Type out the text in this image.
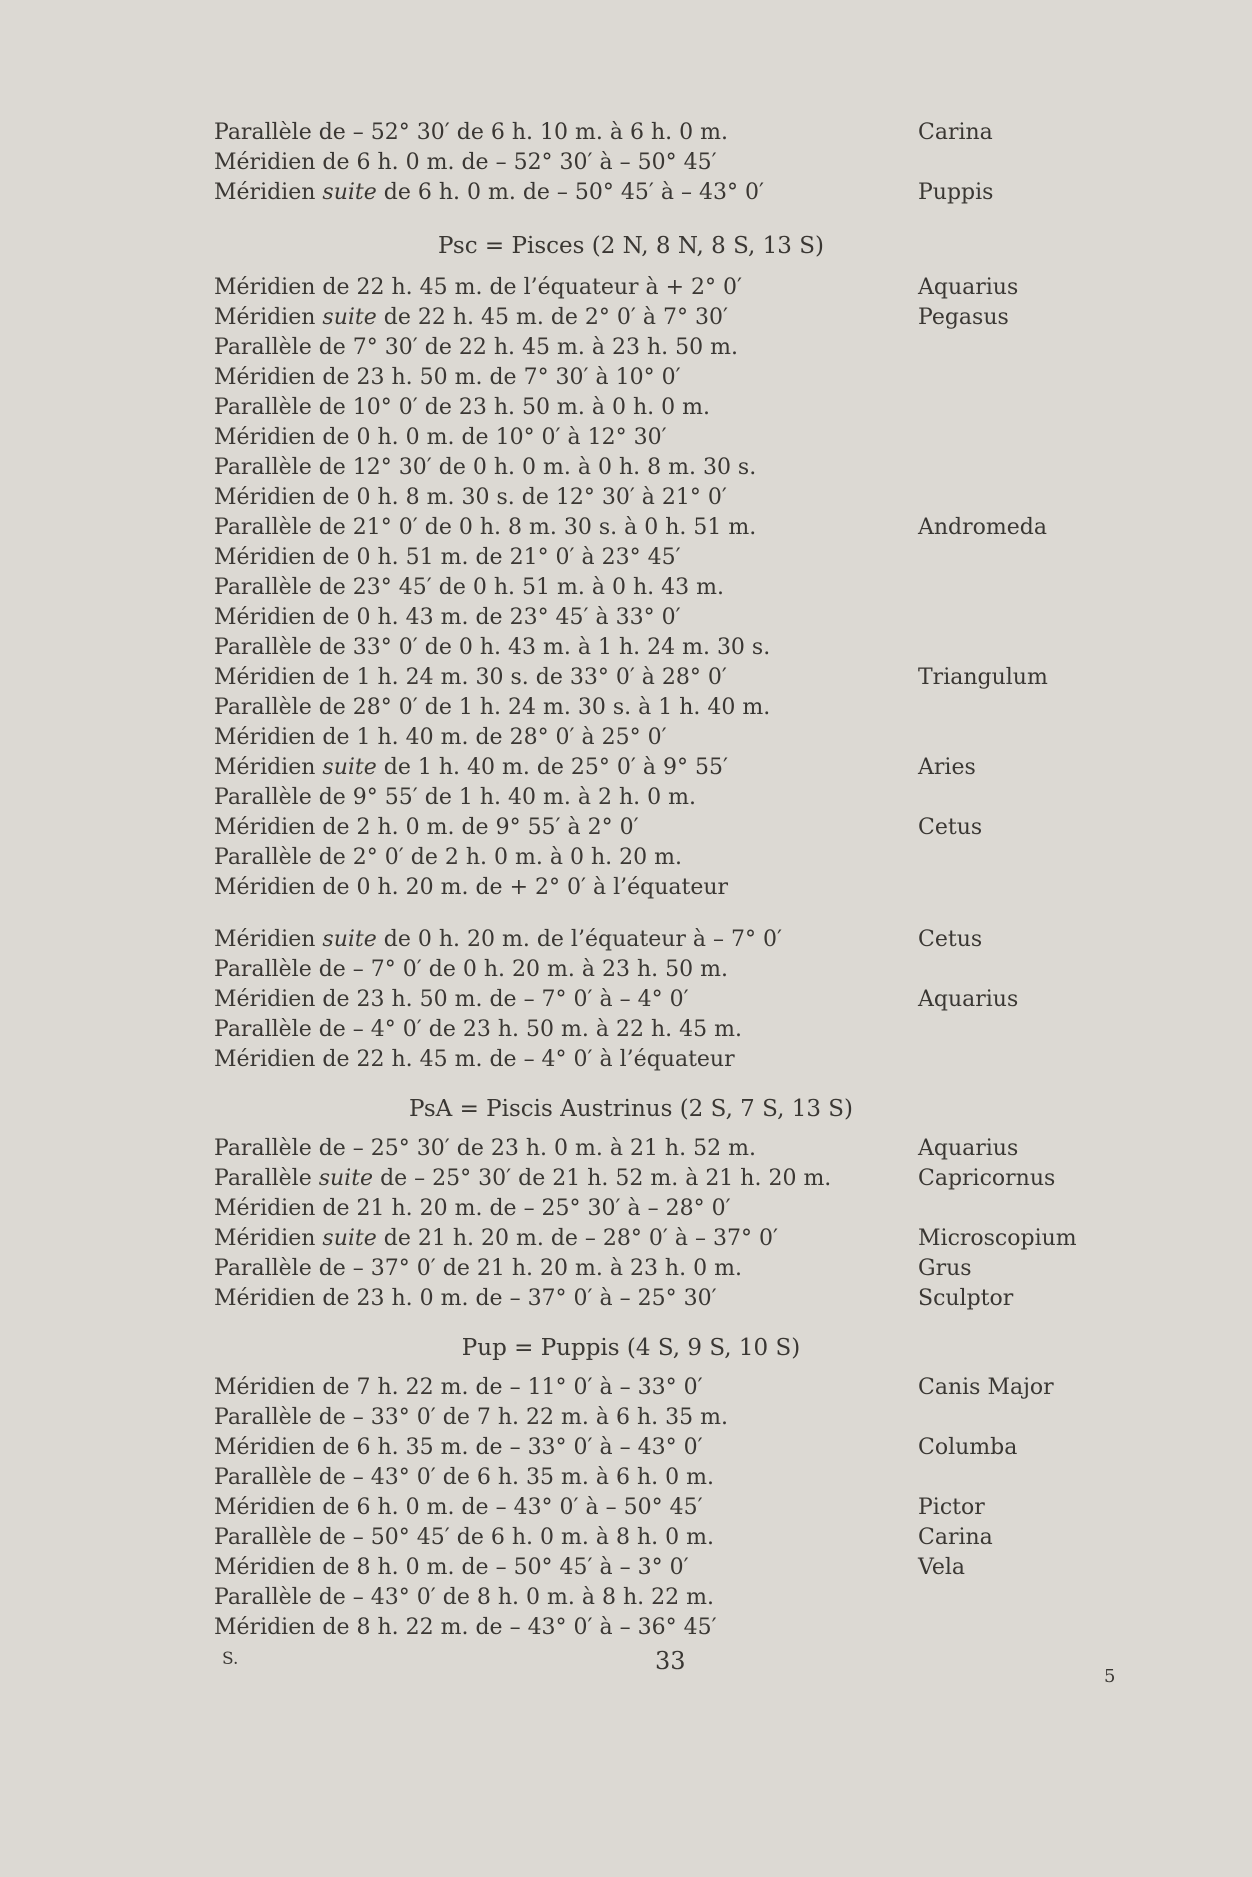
S.	33
5
Parallèle de – 52° 30′ de 6 h. 10 m. à 6 h. 0 m.	Carina
Méridien de 6 h. 0 m. de – 52° 30′ à – 50° 45′
Méridien suite de 6 h. 0 m. de – 50° 45′ à – 43° 0′	Puppis
Psc = Pisces (2 N, 8 N, 8 S, 13 S)
Méridien de 22 h. 45 m. de l’équateur à + 2° 0′	Aquarius
Méridien suite de 22 h. 45 m. de 2° 0′ à 7° 30′	Pegasus
Parallèle de 7° 30′ de 22 h. 45 m. à 23 h. 50 m.
Méridien de 23 h. 50 m. de 7° 30′ à 10° 0′
Parallèle de 10° 0′ de 23 h. 50 m. à 0 h. 0 m.
Méridien de 0 h. 0 m. de 10° 0′ à 12° 30′
Parallèle de 12° 30′ de 0 h. 0 m. à 0 h. 8 m. 30 s.
Méridien de 0 h. 8 m. 30 s. de 12° 30′ à 21° 0′
Parallèle de 21° 0′ de 0 h. 8 m. 30 s. à 0 h. 51 m.	Andromeda
Méridien de 0 h. 51 m. de 21° 0′ à 23° 45′
Parallèle de 23° 45′ de 0 h. 51 m. à 0 h. 43 m.
Méridien de 0 h. 43 m. de 23° 45′ à 33° 0′
Parallèle de 33° 0′ de 0 h. 43 m. à 1 h. 24 m. 30 s.
Méridien de 1 h. 24 m. 30 s. de 33° 0′ à 28° 0′	Triangulum
Parallèle de 28° 0′ de 1 h. 24 m. 30 s. à 1 h. 40 m.
Méridien de 1 h. 40 m. de 28° 0′ à 25° 0′
Méridien suite de 1 h. 40 m. de 25° 0′ à 9° 55′	Aries
Parallèle de 9° 55′ de 1 h. 40 m. à 2 h. 0 m.
Méridien de 2 h. 0 m. de 9° 55′ à 2° 0′	Cetus
Parallèle de 2° 0′ de 2 h. 0 m. à 0 h. 20 m.
Méridien de 0 h. 20 m. de + 2° 0′ à l’équateur
Méridien suite de 0 h. 20 m. de l’équateur à – 7° 0′	Cetus
Parallèle de – 7° 0′ de 0 h. 20 m. à 23 h. 50 m.
Méridien de 23 h. 50 m. de – 7° 0′ à – 4° 0′	Aquarius
Parallèle de – 4° 0′ de 23 h. 50 m. à 22 h. 45 m.
Méridien de 22 h. 45 m. de – 4° 0′ à l’équateur
PsA = Piscis Austrinus (2 S, 7 S, 13 S)
Parallèle de – 25° 30′ de 23 h. 0 m. à 21 h. 52 m.	Aquarius
Parallèle suite de – 25° 30′ de 21 h. 52 m. à 21 h. 20 m.	Capricornus
Méridien de 21 h. 20 m. de – 25° 30′ à – 28° 0′
Méridien suite de 21 h. 20 m. de – 28° 0′ à – 37° 0′	Microscopium
Parallèle de – 37° 0′ de 21 h. 20 m. à 23 h. 0 m.	Grus
Méridien de 23 h. 0 m. de – 37° 0′ à – 25° 30′	Sculptor
Pup = Puppis (4 S, 9 S, 10 S)
Méridien de 7 h. 22 m. de – 11° 0′ à – 33° 0′	Canis Major
Parallèle de – 33° 0′ de 7 h. 22 m. à 6 h. 35 m.
Méridien de 6 h. 35 m. de – 33° 0′ à – 43° 0′	Columba
Parallèle de – 43° 0′ de 6 h. 35 m. à 6 h. 0 m.
Méridien de 6 h. 0 m. de – 43° 0′ à – 50° 45′	Pictor
Parallèle de – 50° 45′ de 6 h. 0 m. à 8 h. 0 m.	Carina
Méridien de 8 h. 0 m. de – 50° 45′ à – 3° 0′	Vela
Parallèle de – 43° 0′ de 8 h. 0 m. à 8 h. 22 m.
Méridien de 8 h. 22 m. de – 43° 0′ à – 36° 45′
